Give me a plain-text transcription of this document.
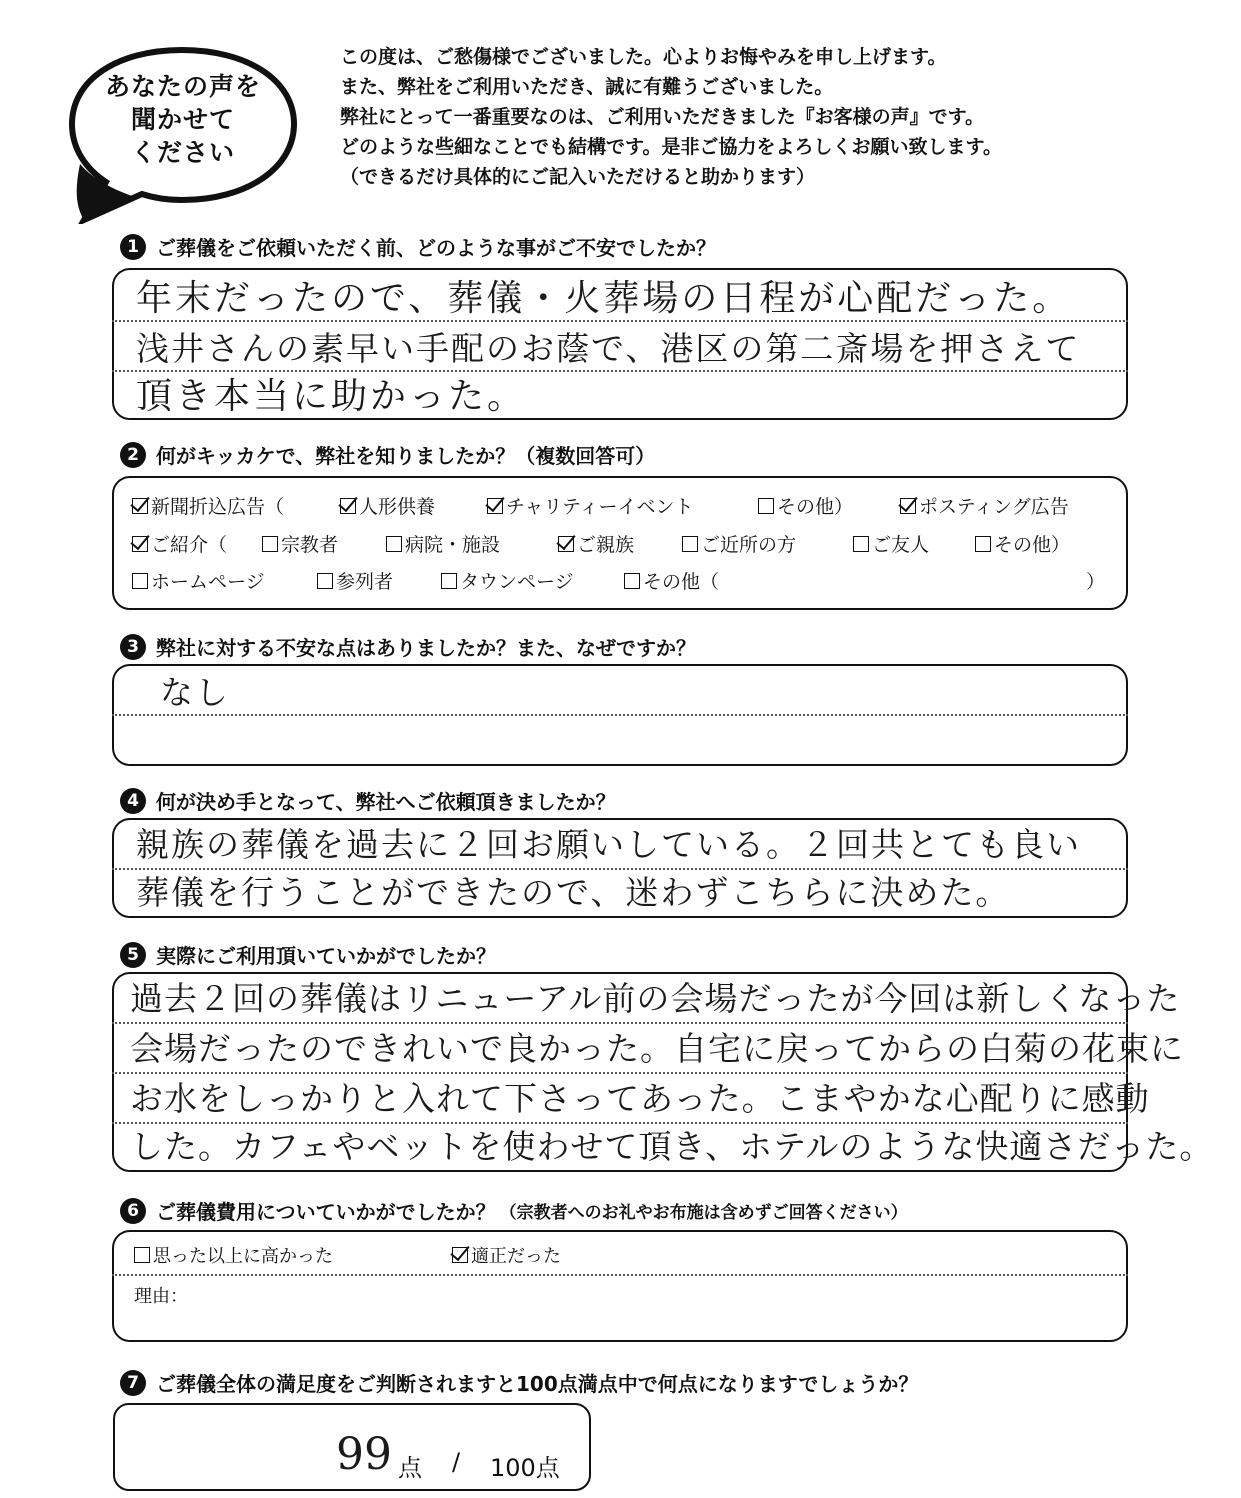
あなたの声を
聞かせて
ください
この度は、ご愁傷様でございました。心よりお悔やみを申し上げます。
また、弊社をご利用いただき、誠に有難うございました。
弊社にとって一番重要なのは、ご利用いただきました『お客様の声』です。
どのような些細なことでも結構です。是非ご協力をよろしくお願い致します。
（できるだけ具体的にご記入いただけると助かります）
1 ご葬儀をご依頼いただく前、どのような事がご不安でしたか？
年末だったので、葬儀・火葬場の日程が心配だった。
浅井さんの素早い手配のお蔭で、港区の第二斎場を押さえて
頂き本当に助かった。
2 何がキッカケで、弊社を知りましたか？（複数回答可）
新聞折込広告（	人形供養	チャリティーイベント	その他）	ポスティング広告
ご紹介（	宗教者	病院・施設	ご親族	ご近所の方	ご友人	その他）
ホームページ	参列者	タウンページ	その他（	）
3 弊社に対する不安な点はありましたか？また、なぜですか？
なし
4 何が決め手となって、弊社へご依頼頂きましたか？
親族の葬儀を過去に２回お願いしている。２回共とても良い
葬儀を行うことができたので、迷わずこちらに決めた。
5 実際にご利用頂いていかがでしたか？
過去２回の葬儀はリニューアル前の会場だったが今回は新しくなった
会場だったのできれいで良かった。自宅に戻ってからの白菊の花束に
お水をしっかりと入れて下さってあった。こまやかな心配りに感動
した。カフェやベットを使わせて頂き、ホテルのような快適さだった。
6 ご葬儀費用についていかがでしたか？ （宗教者へのお礼やお布施は含めずご回答ください）
思った以上に高かった	適正だった
理由：
7 ご葬儀全体の満足度をご判断されますと100点満点中で何点になりますでしょうか？
99 点 / 100点
